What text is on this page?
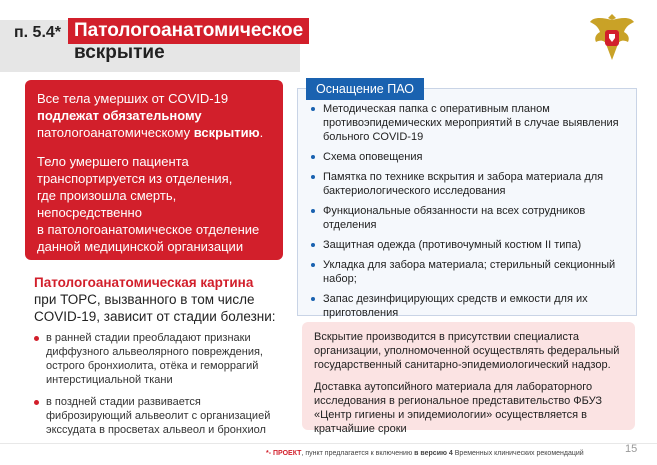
п. 5.4* Патологоанатомическое
вскрытие

Все тела умерших от COVID-19 подлежат обязательному патологоанатомическому вскрытию.

Тело умершего пациента
транспортируется из отделения,
где произошла смерть,
непосредственно
в патологоанатомическое отделение
данной медицинской организации

Патологоанатомическая картина
при ТОРС, вызванного в том числе
COVID-19, зависит от стадии болезни:
в ранней стадии преобладают признаки диффузного альвеолярного повреждения, острого бронхиолита, отёка и геморрагий интерстициальной ткани
в поздней стадии развивается фиброзирующий альвеолит с организацией экссудата в просветах альвеол и бронхиол
Оснащение ПАО
Методическая папка с оперативным планом противоэпидемических мероприятий в случае выявления больного COVID-19
Схема оповещения
Памятка по технике вскрытия и забора материала для бактериологического исследования
Функциональные обязанности на всех сотрудников отделения
Защитная одежда (противочумный костюм II типа)
Укладка для забора материала; стерильный секционный набор;
Запас дезинфицирующих средств и емкости для их приготовления

Вскрытие производится в присутствии специалиста организации, уполномоченной осуществлять федеральный государственный санитарно-эпидемиологический надзор.

Доставка аутопсийного материала для лабораторного исследования в региональное представительство ФБУЗ «Центр гигиены и эпидемиологии» осуществляется в кратчайшие сроки

*- ПРОЕКТ, пункт предлагается к включению в версию 4 Временных клинических рекомендаций	15
